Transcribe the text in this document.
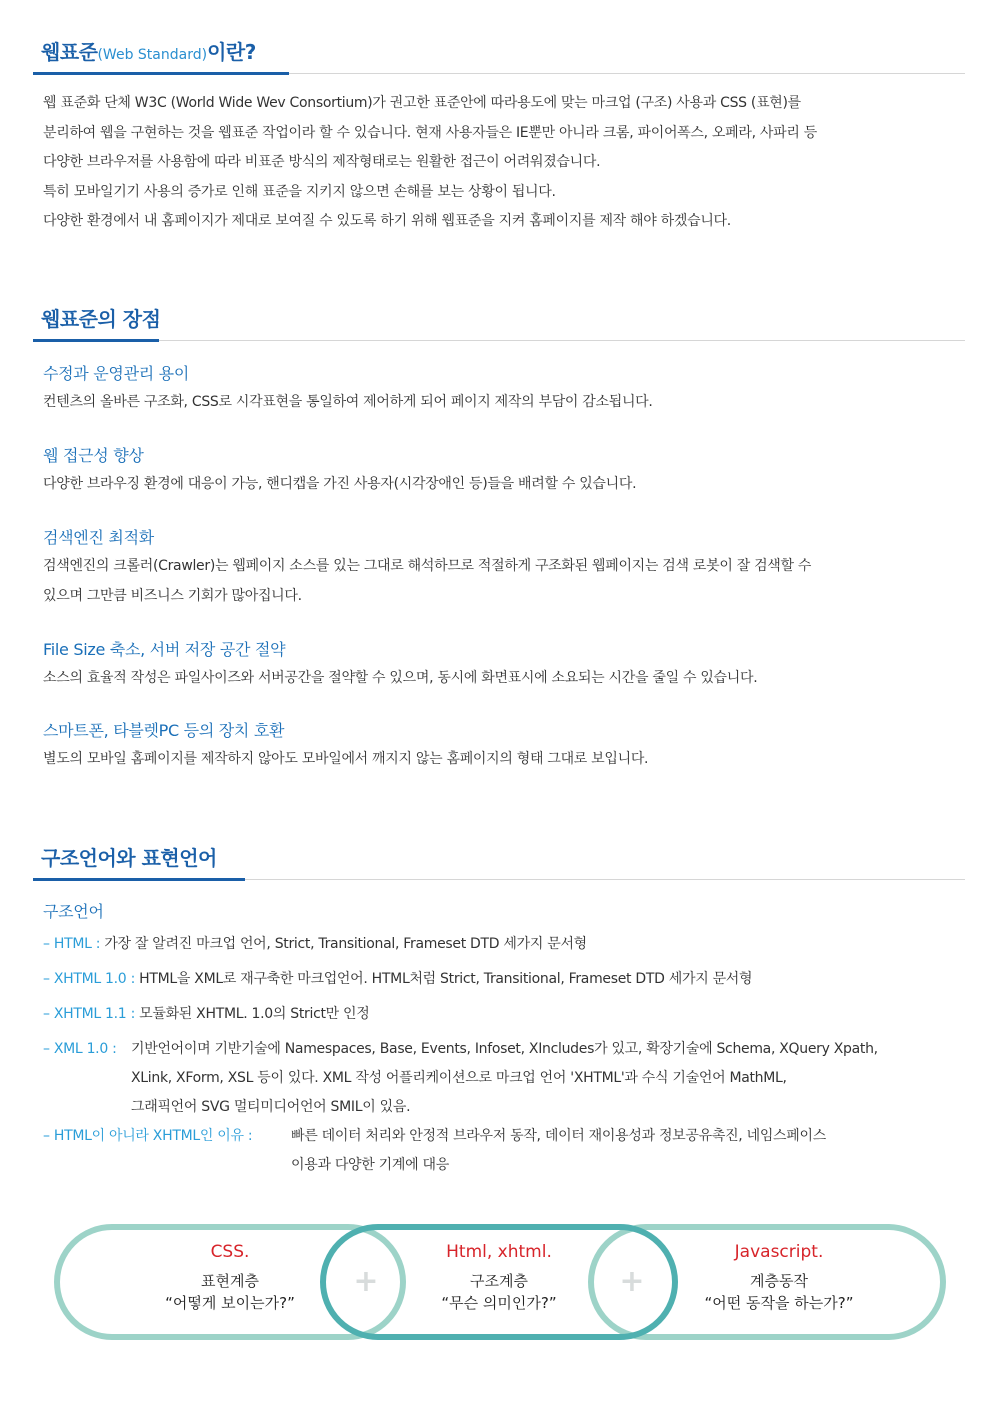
웹표준(Web Standard)이란?
웹 표준화 단체 W3C (World Wide Wev Consortium)가 권고한 표준안에 따라용도에 맞는 마크업 (구조) 사용과 CSS (표현)를
분리하여 웹을 구현하는 것을 웹표준 작업이라 할 수 있습니다. 현재 사용자들은 IE뿐만 아니라 크롬, 파이어폭스, 오페라, 사파리 등
다양한 브라우저를 사용함에 따라 비표준 방식의 제작형태로는 원활한 접근이 어려워졌습니다.
특히 모바일기기 사용의 증가로 인해 표준을 지키지 않으면 손해를 보는 상황이 됩니다.
다양한 환경에서 내 홈페이지가 제대로 보여질 수 있도록 하기 위해 웹표준을 지켜 홈페이지를 제작 해야 하겠습니다.
웹표준의 장점
수정과 운영관리 용이
컨텐츠의 올바른 구조화, CSS로 시각표현을 통일하여 제어하게 되어 페이지 제작의 부담이 감소됩니다.
웹 접근성 향상
다양한 브라우징 환경에 대응이 가능, 핸디캡을 가진 사용자(시각장애인 등)들을 배려할 수 있습니다.
검색엔진 최적화
검색엔진의 크롤러(Crawler)는 웹페이지 소스를 있는 그대로 해석하므로 적절하게 구조화된 웹페이지는 검색 로봇이 잘 검색할 수
있으며 그만큼 비즈니스 기회가 많아집니다.
File Size 축소, 서버 저장 공간 절약
소스의 효율적 작성은 파일사이즈와 서버공간을 절약할 수 있으며, 동시에 화면표시에 소요되는 시간을 줄일 수 있습니다.
스마트폰, 타블렛PC 등의 장치 호환
별도의 모바일 홈페이지를 제작하지 않아도 모바일에서 깨지지 않는 홈페이지의 형태 그대로 보입니다.
구조언어와 표현언어
구조언어
– HTML : 가장 잘 알려진 마크업 언어, Strict, Transitional, Frameset DTD 세가지 문서형
– XHTML 1.0 : HTML을 XML로 재구축한 마크업언어. HTML처럼 Strict, Transitional, Frameset DTD 세가지 문서형
– XHTML 1.1 : 모듈화된 XHTML. 1.0의 Strict만 인정
– XML 1.0 : 기반언어이며 기반기술에 Namespaces, Base, Events, Infoset, XIncludes가 있고, 확장기술에 Schema, XQuery Xpath,
XLink, XForm, XSL 등이 있다. XML 작성 어플리케이션으로 마크업 언어 'XHTML'과 수식 기술언어 MathML,
그래픽언어 SVG 멀티미디어언어 SMIL이 있음.
– HTML이 아니라 XHTML인 이유 :	빠른 데이터 처리와 안정적 브라우저 동작, 데이터 재이용성과 정보공유촉진, 네임스페이스
이용과 다양한 기계에 대응
CSS.
표현계층
“어떻게 보이는가?”
Html, xhtml.
구조계층
“무슨 의미인가?”
Javascript.
계층동작
“어떤 동작을 하는가?”
+	+
